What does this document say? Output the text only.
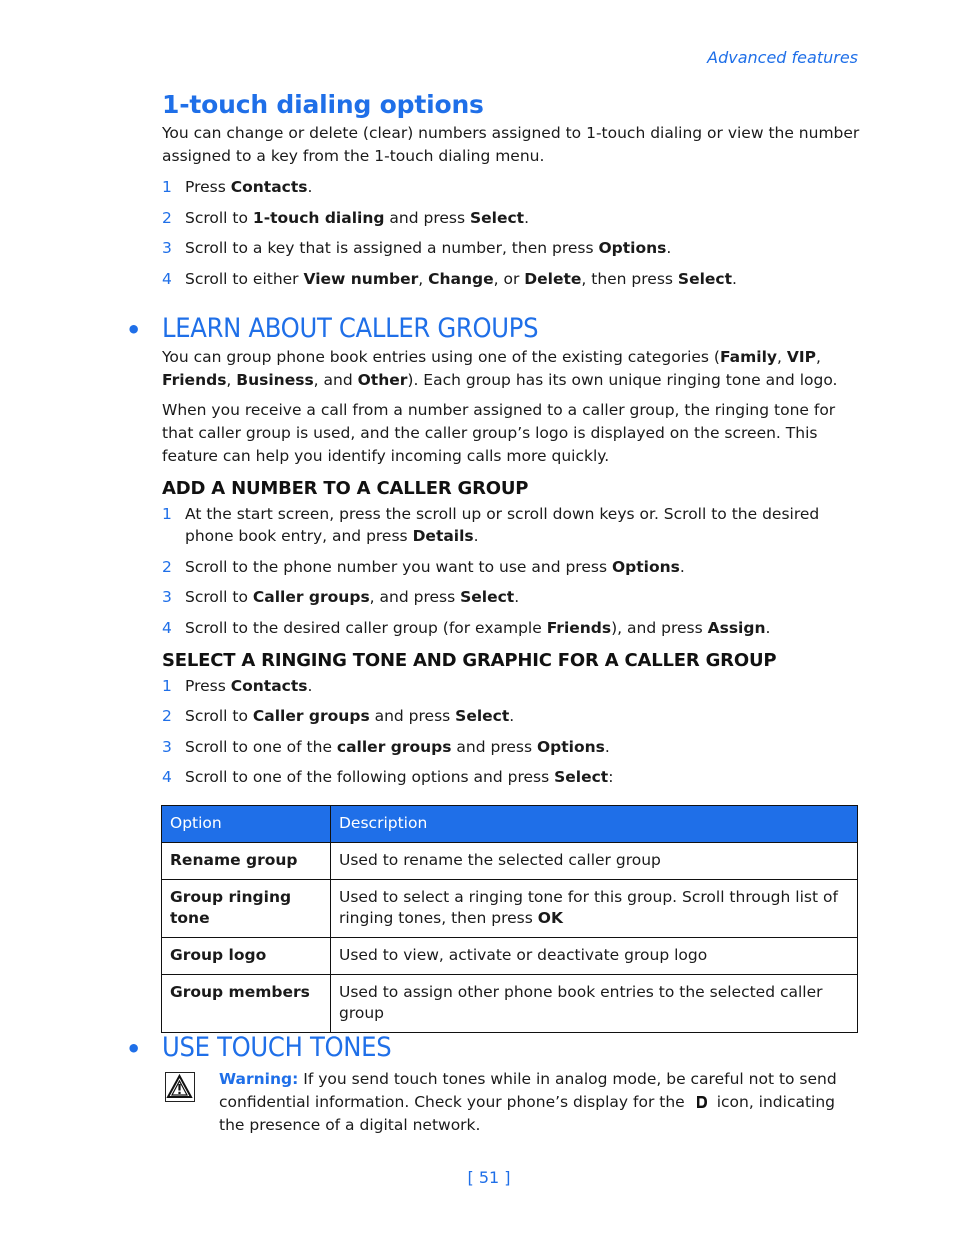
Advanced features
1-touch dialing options
You can change or delete (clear) numbers assigned to 1-touch dialing or view the number assigned to a key from the 1-touch dialing menu.
1 Press Contacts.
2 Scroll to 1-touch dialing and press Select.
3 Scroll to a key that is assigned a number, then press Options.
4 Scroll to either View number, Change, or Delete, then press Select.
• LEARN ABOUT CALLER GROUPS
You can group phone book entries using one of the existing categories (Family, VIP, Friends, Business, and Other). Each group has its own unique ringing tone and logo.
When you receive a call from a number assigned to a caller group, the ringing tone for that caller group is used, and the caller group’s logo is displayed on the screen. This feature can help you identify incoming calls more quickly.
ADD A NUMBER TO A CALLER GROUP
1 At the start screen, press the scroll up or scroll down keys or. Scroll to the desired phone book entry, and press Details.
2 Scroll to the phone number you want to use and press Options.
3 Scroll to Caller groups, and press Select.
4 Scroll to the desired caller group (for example Friends), and press Assign.
SELECT A RINGING TONE AND GRAPHIC FOR A CALLER GROUP
1 Press Contacts.
2 Scroll to Caller groups and press Select.
3 Scroll to one of the caller groups and press Options.
4 Scroll to one of the following options and press Select:
Option	Description
Rename group	Used to rename the selected caller group
Group ringing tone	Used to select a ringing tone for this group. Scroll through list of ringing tones, then press OK
Group logo	Used to view, activate or deactivate group logo
Group members	Used to assign other phone book entries to the selected caller group
• USE TOUCH TONES
Warning: If you send touch tones while in analog mode, be careful not to send confidential information. Check your phone’s display for the icon, indicating the presence of a digital network.
[ 51 ]
